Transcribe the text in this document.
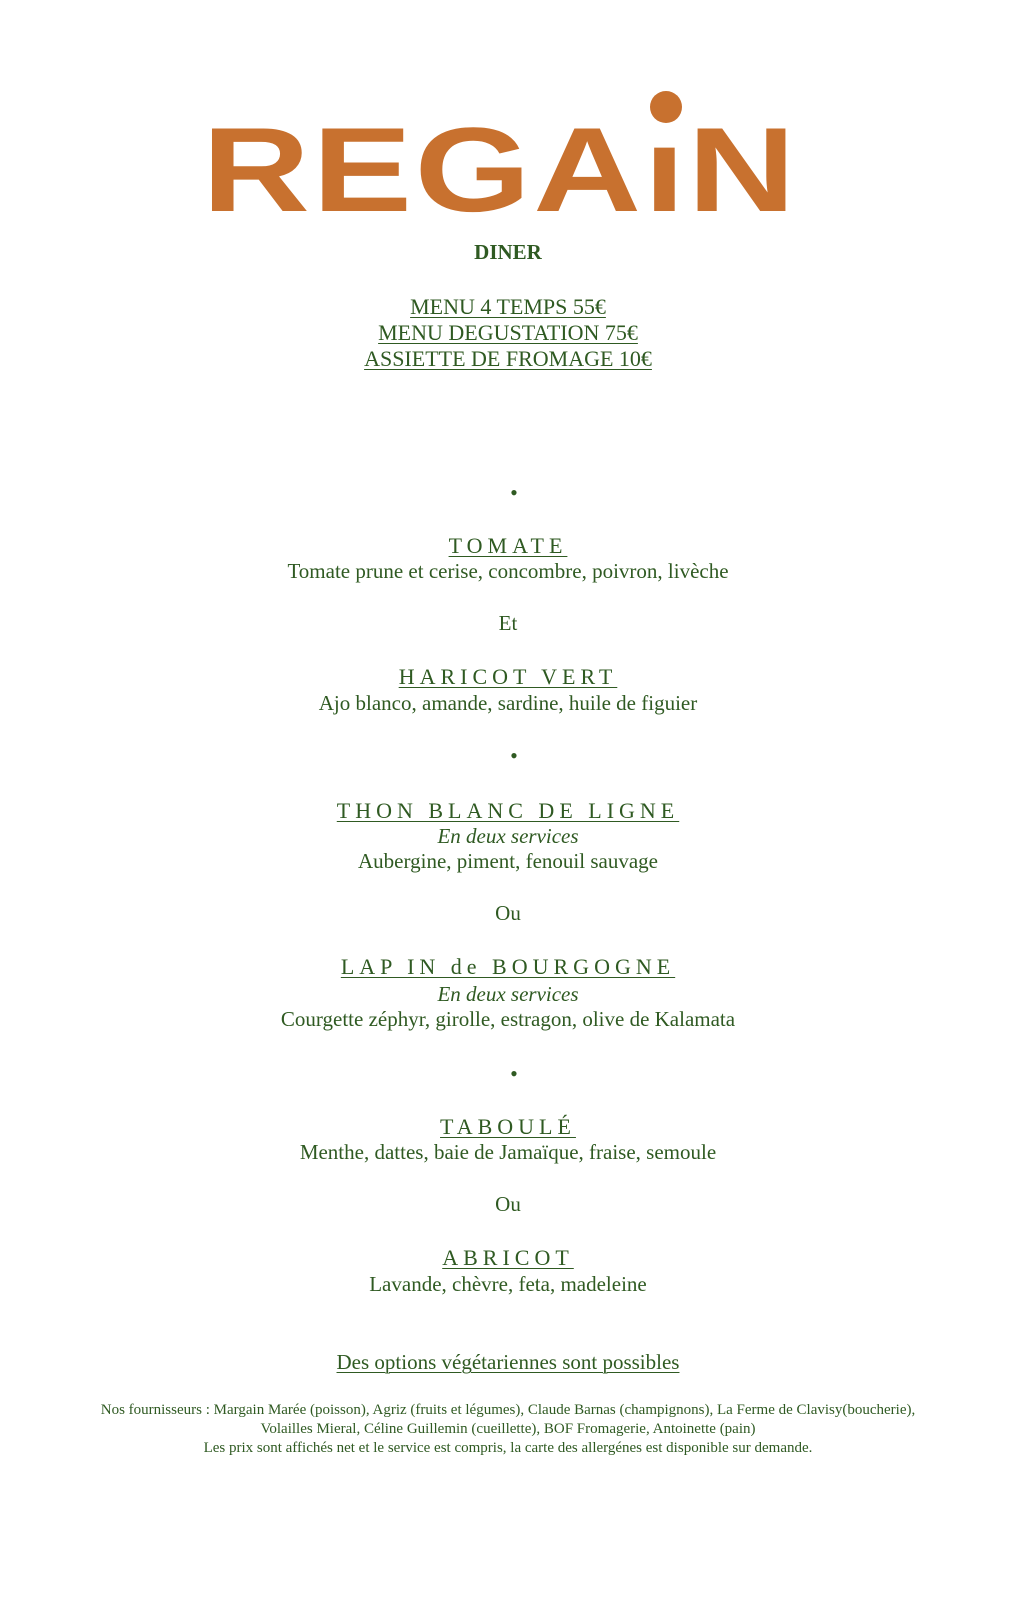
REGA ıN
DINER
MENU 4 TEMPS 55€
MENU DEGUSTATION 75€
ASSIETTE DE FROMAGE 10€
•
TOMATE
Tomate prune et cerise, concombre, poivron, livèche
Et
HARICOT VERT
Ajo blanco, amande, sardine, huile de figuier
•
THON BLANC DE LIGNE
En deux services
Aubergine, piment, fenouil sauvage
Ou
LAP IN de BOURGOGNE
En deux services
Courgette zéphyr, girolle, estragon, olive de Kalamata
•
TABOULÉ
Menthe, dattes, baie de Jamaïque, fraise, semoule
Ou
ABRICOT
Lavande, chèvre, feta, madeleine
Des options végétariennes sont possibles
Nos fournisseurs : Margain Marée (poisson), Agriz (fruits et légumes), Claude Barnas (champignons), La Ferme de Clavisy(boucherie),
Volailles Mieral, Céline Guillemin (cueillette), BOF Fromagerie, Antoinette (pain)
Les prix sont affichés net et le service est compris, la carte des allergénes est disponible sur demande.
